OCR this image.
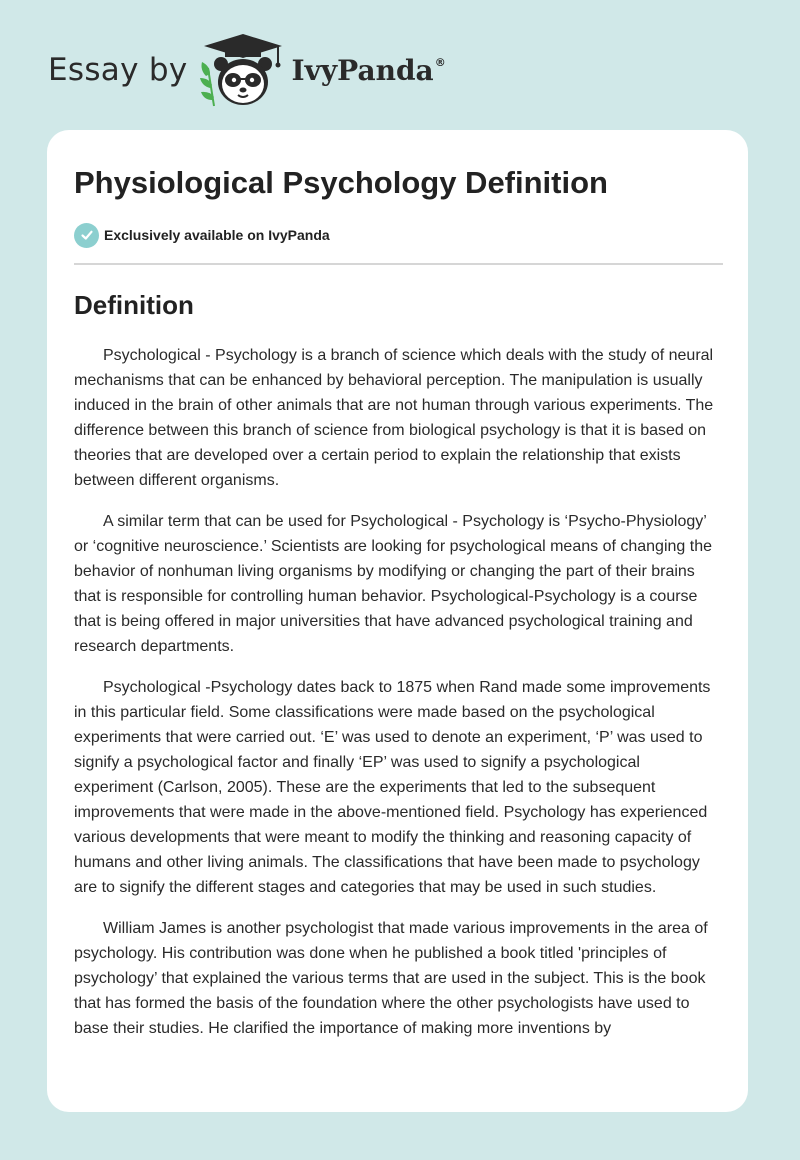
Essay by	IvyPanda®
Physiological Psychology Definition
Exclusively available on IvyPanda
Definition

Psychological - Psychology is a branch of science which deals with the study of neural mechanisms that can be enhanced by behavioral perception. The manipulation is usually induced in the brain of other animals that are not human through various experiments. The difference between this branch of science from biological psychology is that it is based on theories that are developed over a certain period to explain the relationship that exists between different organisms.

A similar term that can be used for Psychological - Psychology is ‘Psycho-Physiology’ or ‘cognitive neuroscience.’ Scientists are looking for psychological means of changing the behavior of nonhuman living organisms by modifying or changing the part of their brains that is responsible for controlling human behavior. Psychological-Psychology is a course that is being offered in major universities that have advanced psychological training and research departments.

Psychological -Psychology dates back to 1875 when Rand made some improvements in this particular field. Some classifications were made based on the psychological experiments that were carried out. ‘E’ was used to denote an experiment, ‘P’ was used to signify a psychological factor and finally ‘EP’ was used to signify a psychological experiment (Carlson, 2005). These are the experiments that led to the subsequent improvements that were made in the above-mentioned field. Psychology has experienced various developments that were meant to modify the thinking and reasoning capacity of humans and other living animals. The classifications that have been made to psychology are to signify the different stages and categories that may be used in such studies.

William James is another psychologist that made various improvements in the area of psychology. His contribution was done when he published a book titled 'principles of psychology’ that explained the various terms that are used in the subject. This is the book that has formed the basis of the foundation where the other psychologists have used to base their studies. He clarified the importance of making more inventions by
